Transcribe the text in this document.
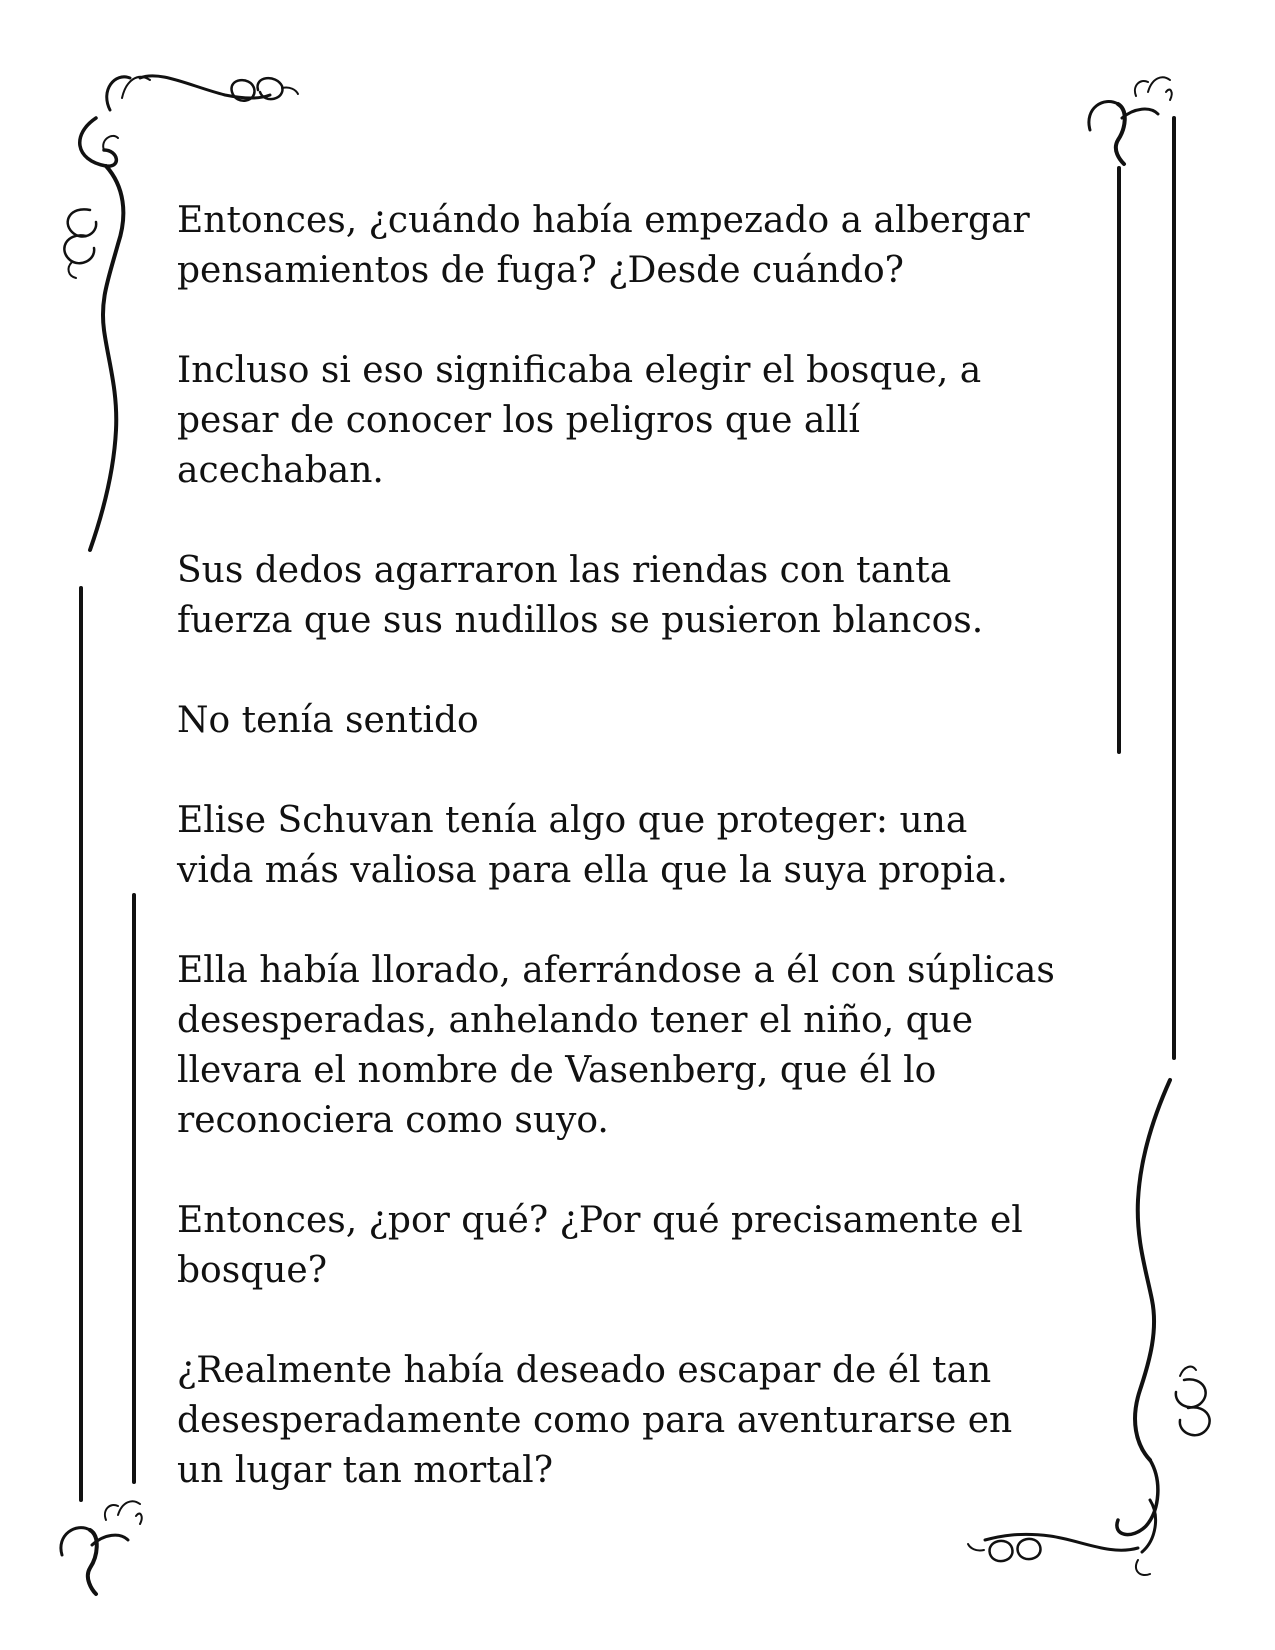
Entonces, ¿cuándo había empezado a albergar
pensamientos de fuga? ¿Desde cuándo?

Incluso si eso significaba elegir el bosque, a
pesar de conocer los peligros que allí
acechaban.

Sus dedos agarraron las riendas con tanta
fuerza que sus nudillos se pusieron blancos.

No tenía sentido

Elise Schuvan tenía algo que proteger: una
vida más valiosa para ella que la suya propia.

Ella había llorado, aferrándose a él con súplicas
desesperadas, anhelando tener el niño, que
llevara el nombre de Vasenberg, que él lo
reconociera como suyo.

Entonces, ¿por qué? ¿Por qué precisamente el
bosque?

¿Realmente había deseado escapar de él tan
desesperadamente como para aventurarse en
un lugar tan mortal?
